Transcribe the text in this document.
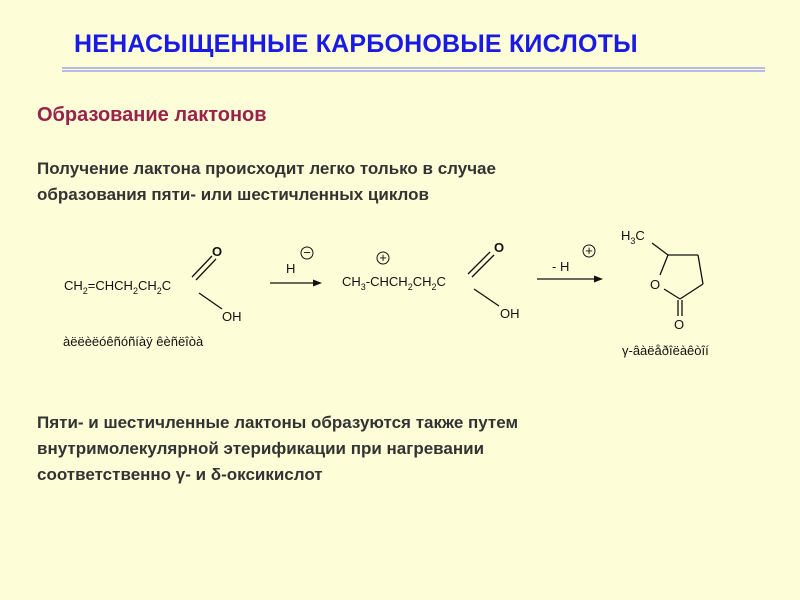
НЕНАСЫЩЕННЫЕ КАРБОНОВЫЕ КИСЛОТЫ
Образование лактонов
Получение лактона происходит легко только в случае
образования пяти- или шестичленных циклов
$CH_2=CHCH_2CH_2C$
O
OH
àëëèëóêñóñíàÿ êèñëîòà
H
−	+
$CH_3-CHCH_2CH_2C$
O
OH
- H
+
$H_3C$
O
O
γ-âàëåðîëàêòîí
Пяти- и шестичленные лактоны образуются также путем
внутримолекулярной этерификации при нагревании
соответственно γ- и δ-оксикислот
